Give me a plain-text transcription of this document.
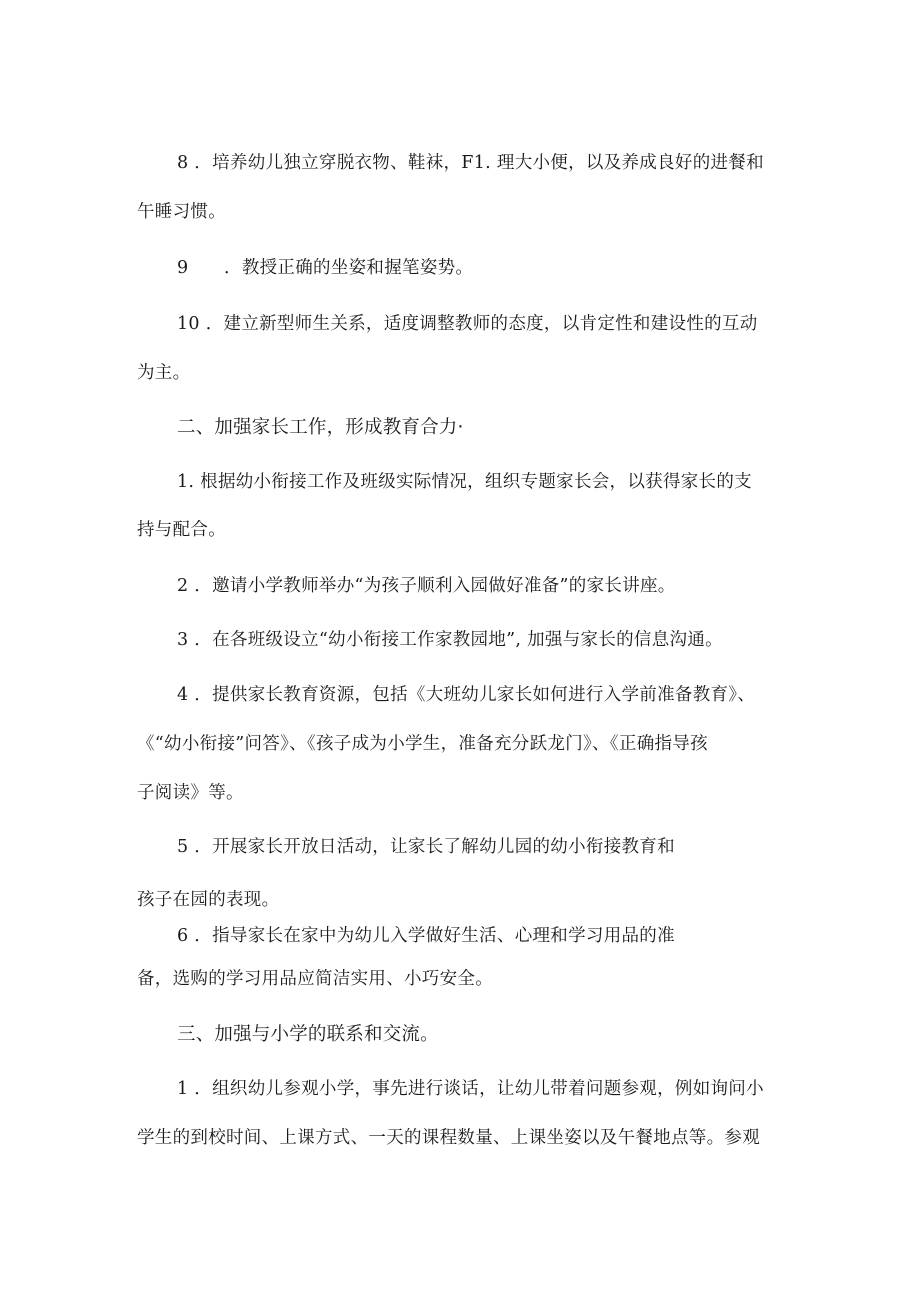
8 ．培养幼儿独立穿脱衣物、鞋袜，F1. 理大小便，以及养成良好的进餐和
午睡习惯。
9　　．教授正确的坐姿和握笔姿势。
10 ．建立新型师生关系，适度调整教师的态度，以肯定性和建设性的互动
为主。
二、加强家长工作，形成教育合力·
1. 根据幼小衔接工作及班级实际情况，组织专题家长会，以获得家长的支
持与配合。
2 ．邀请小学教师举办“为孩子顺利入园做好准备”的家长讲座。
3 ．在各班级设立“幼小衔接工作家教园地”, 加强与家长的信息沟通。
4 ．提供家长教育资源，包括《大班幼儿家长如何进行入学前准备教育》、
《“幼小衔接”问答》、《孩子成为小学生，准备充分跃龙门》、《正确指导孩
子阅读》等。
5 ．开展家长开放日活动，让家长了解幼儿园的幼小衔接教育和
孩子在园的表现。
6 ．指导家长在家中为幼儿入学做好生活、心理和学习用品的准
备，选购的学习用品应简洁实用、小巧安全。
三、加强与小学的联系和交流。
1 ．组织幼儿参观小学，事先进行谈话，让幼儿带着问题参观，例如询问小
学生的到校时间、上课方式、一天的课程数量、上课坐姿以及午餐地点等。参观
